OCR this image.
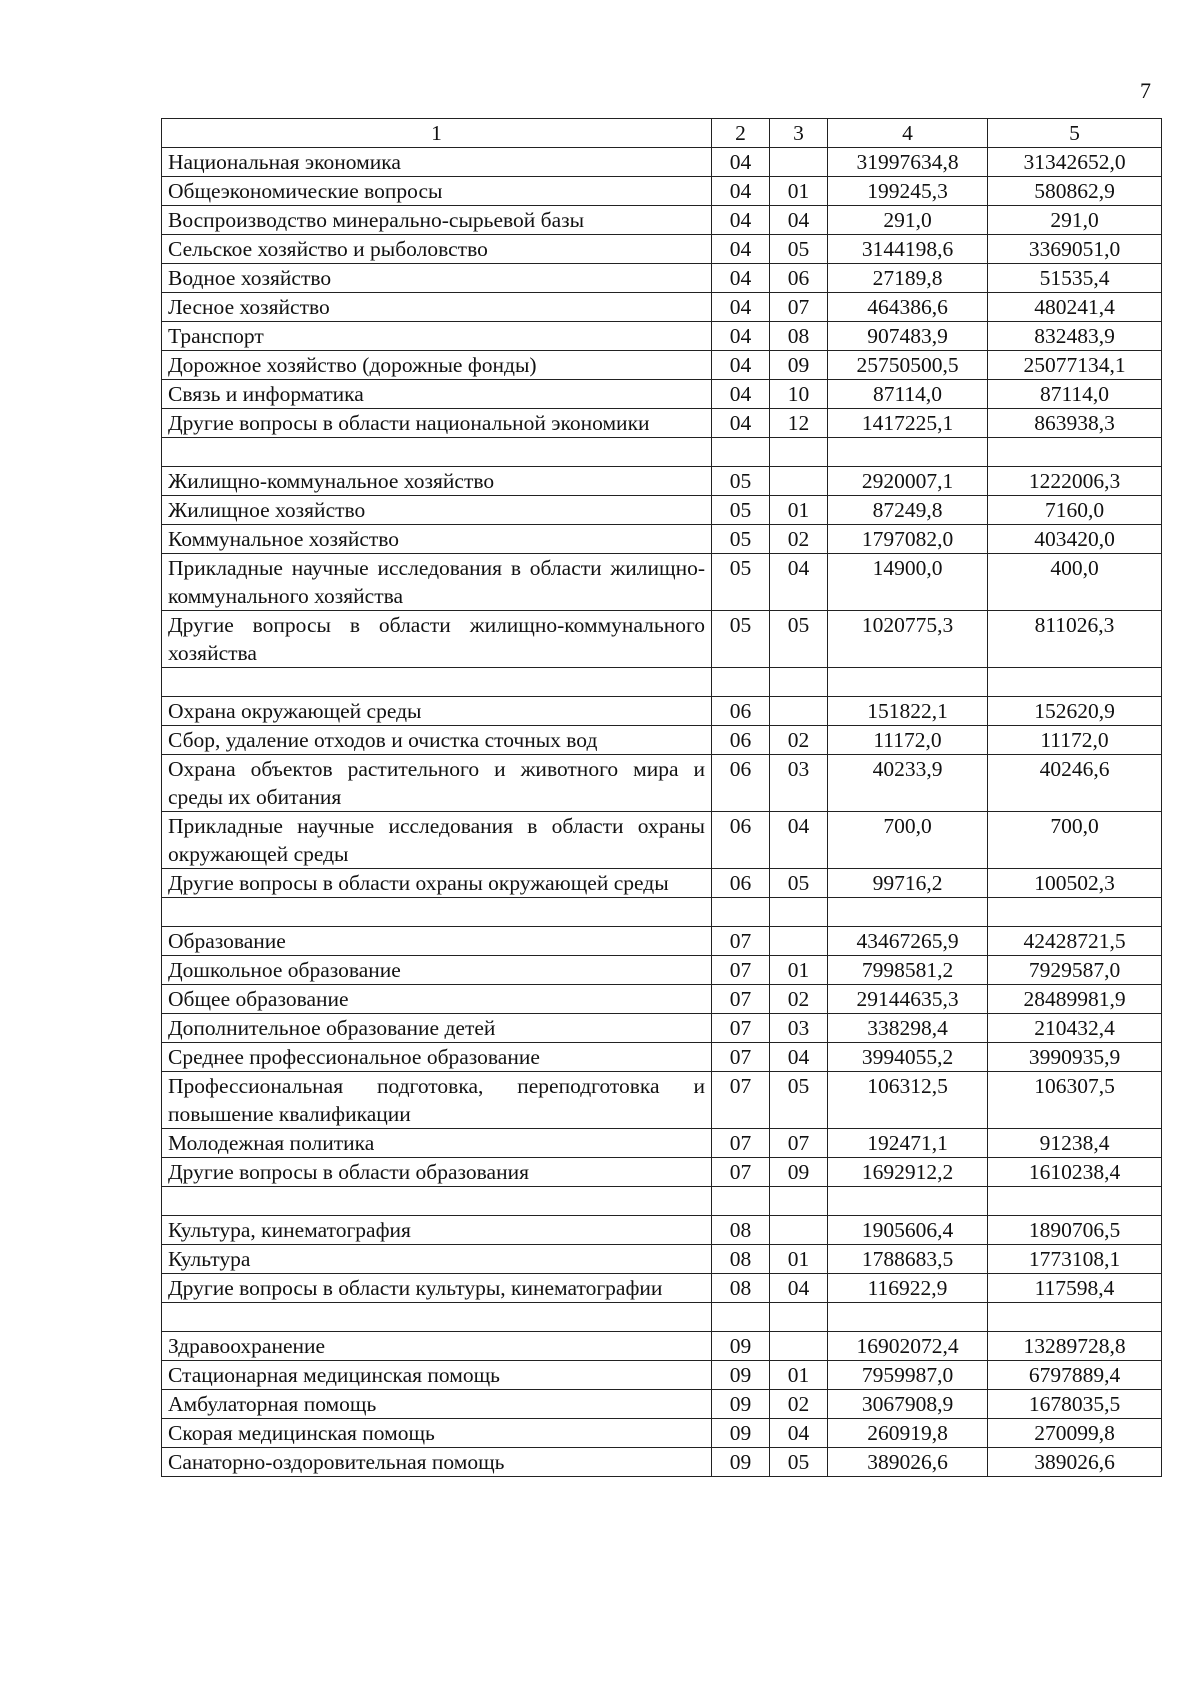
7
1	2	3	4	5
Национальная экономика	04		31997634,8	31342652,0
Общеэкономические вопросы	04	01	199245,3	580862,9
Воспроизводство минерально-сырьевой базы	04	04	291,0	291,0
Сельское хозяйство и рыболовство	04	05	3144198,6	3369051,0
Водное хозяйство	04	06	27189,8	51535,4
Лесное хозяйство	04	07	464386,6	480241,4
Транспорт	04	08	907483,9	832483,9
Дорожное хозяйство (дорожные фонды)	04	09	25750500,5	25077134,1
Связь и информатика	04	10	87114,0	87114,0
Другие вопросы в области национальной экономики	04	12	1417225,1	863938,3

Жилищно-коммунальное хозяйство	05		2920007,1	1222006,3
Жилищное хозяйство	05	01	87249,8	7160,0
Коммунальное хозяйство	05	02	1797082,0	403420,0
Прикладные научные исследования в области жилищно-коммунального хозяйства	05	04	14900,0	400,0
Другие вопросы в области жилищно-коммунального хозяйства	05	05	1020775,3	811026,3

Охрана окружающей среды	06		151822,1	152620,9
Сбор, удаление отходов и очистка сточных вод	06	02	11172,0	11172,0
Охрана объектов растительного и животного мира и среды их обитания	06	03	40233,9	40246,6
Прикладные научные исследования в области охраны окружающей среды	06	04	700,0	700,0
Другие вопросы в области охраны окружающей среды	06	05	99716,2	100502,3

Образование	07		43467265,9	42428721,5
Дошкольное образование	07	01	7998581,2	7929587,0
Общее образование	07	02	29144635,3	28489981,9
Дополнительное образование детей	07	03	338298,4	210432,4
Среднее профессиональное образование	07	04	3994055,2	3990935,9
Профессиональная подготовка, переподготовка и повышение квалификации	07	05	106312,5	106307,5
Молодежная политика	07	07	192471,1	91238,4
Другие вопросы в области образования	07	09	1692912,2	1610238,4

Культура, кинематография	08		1905606,4	1890706,5
Культура	08	01	1788683,5	1773108,1
Другие вопросы в области культуры, кинематографии	08	04	116922,9	117598,4

Здравоохранение	09		16902072,4	13289728,8
Стационарная медицинская помощь	09	01	7959987,0	6797889,4
Амбулаторная помощь	09	02	3067908,9	1678035,5
Скорая медицинская помощь	09	04	260919,8	270099,8
Санаторно-оздоровительная помощь	09	05	389026,6	389026,6
